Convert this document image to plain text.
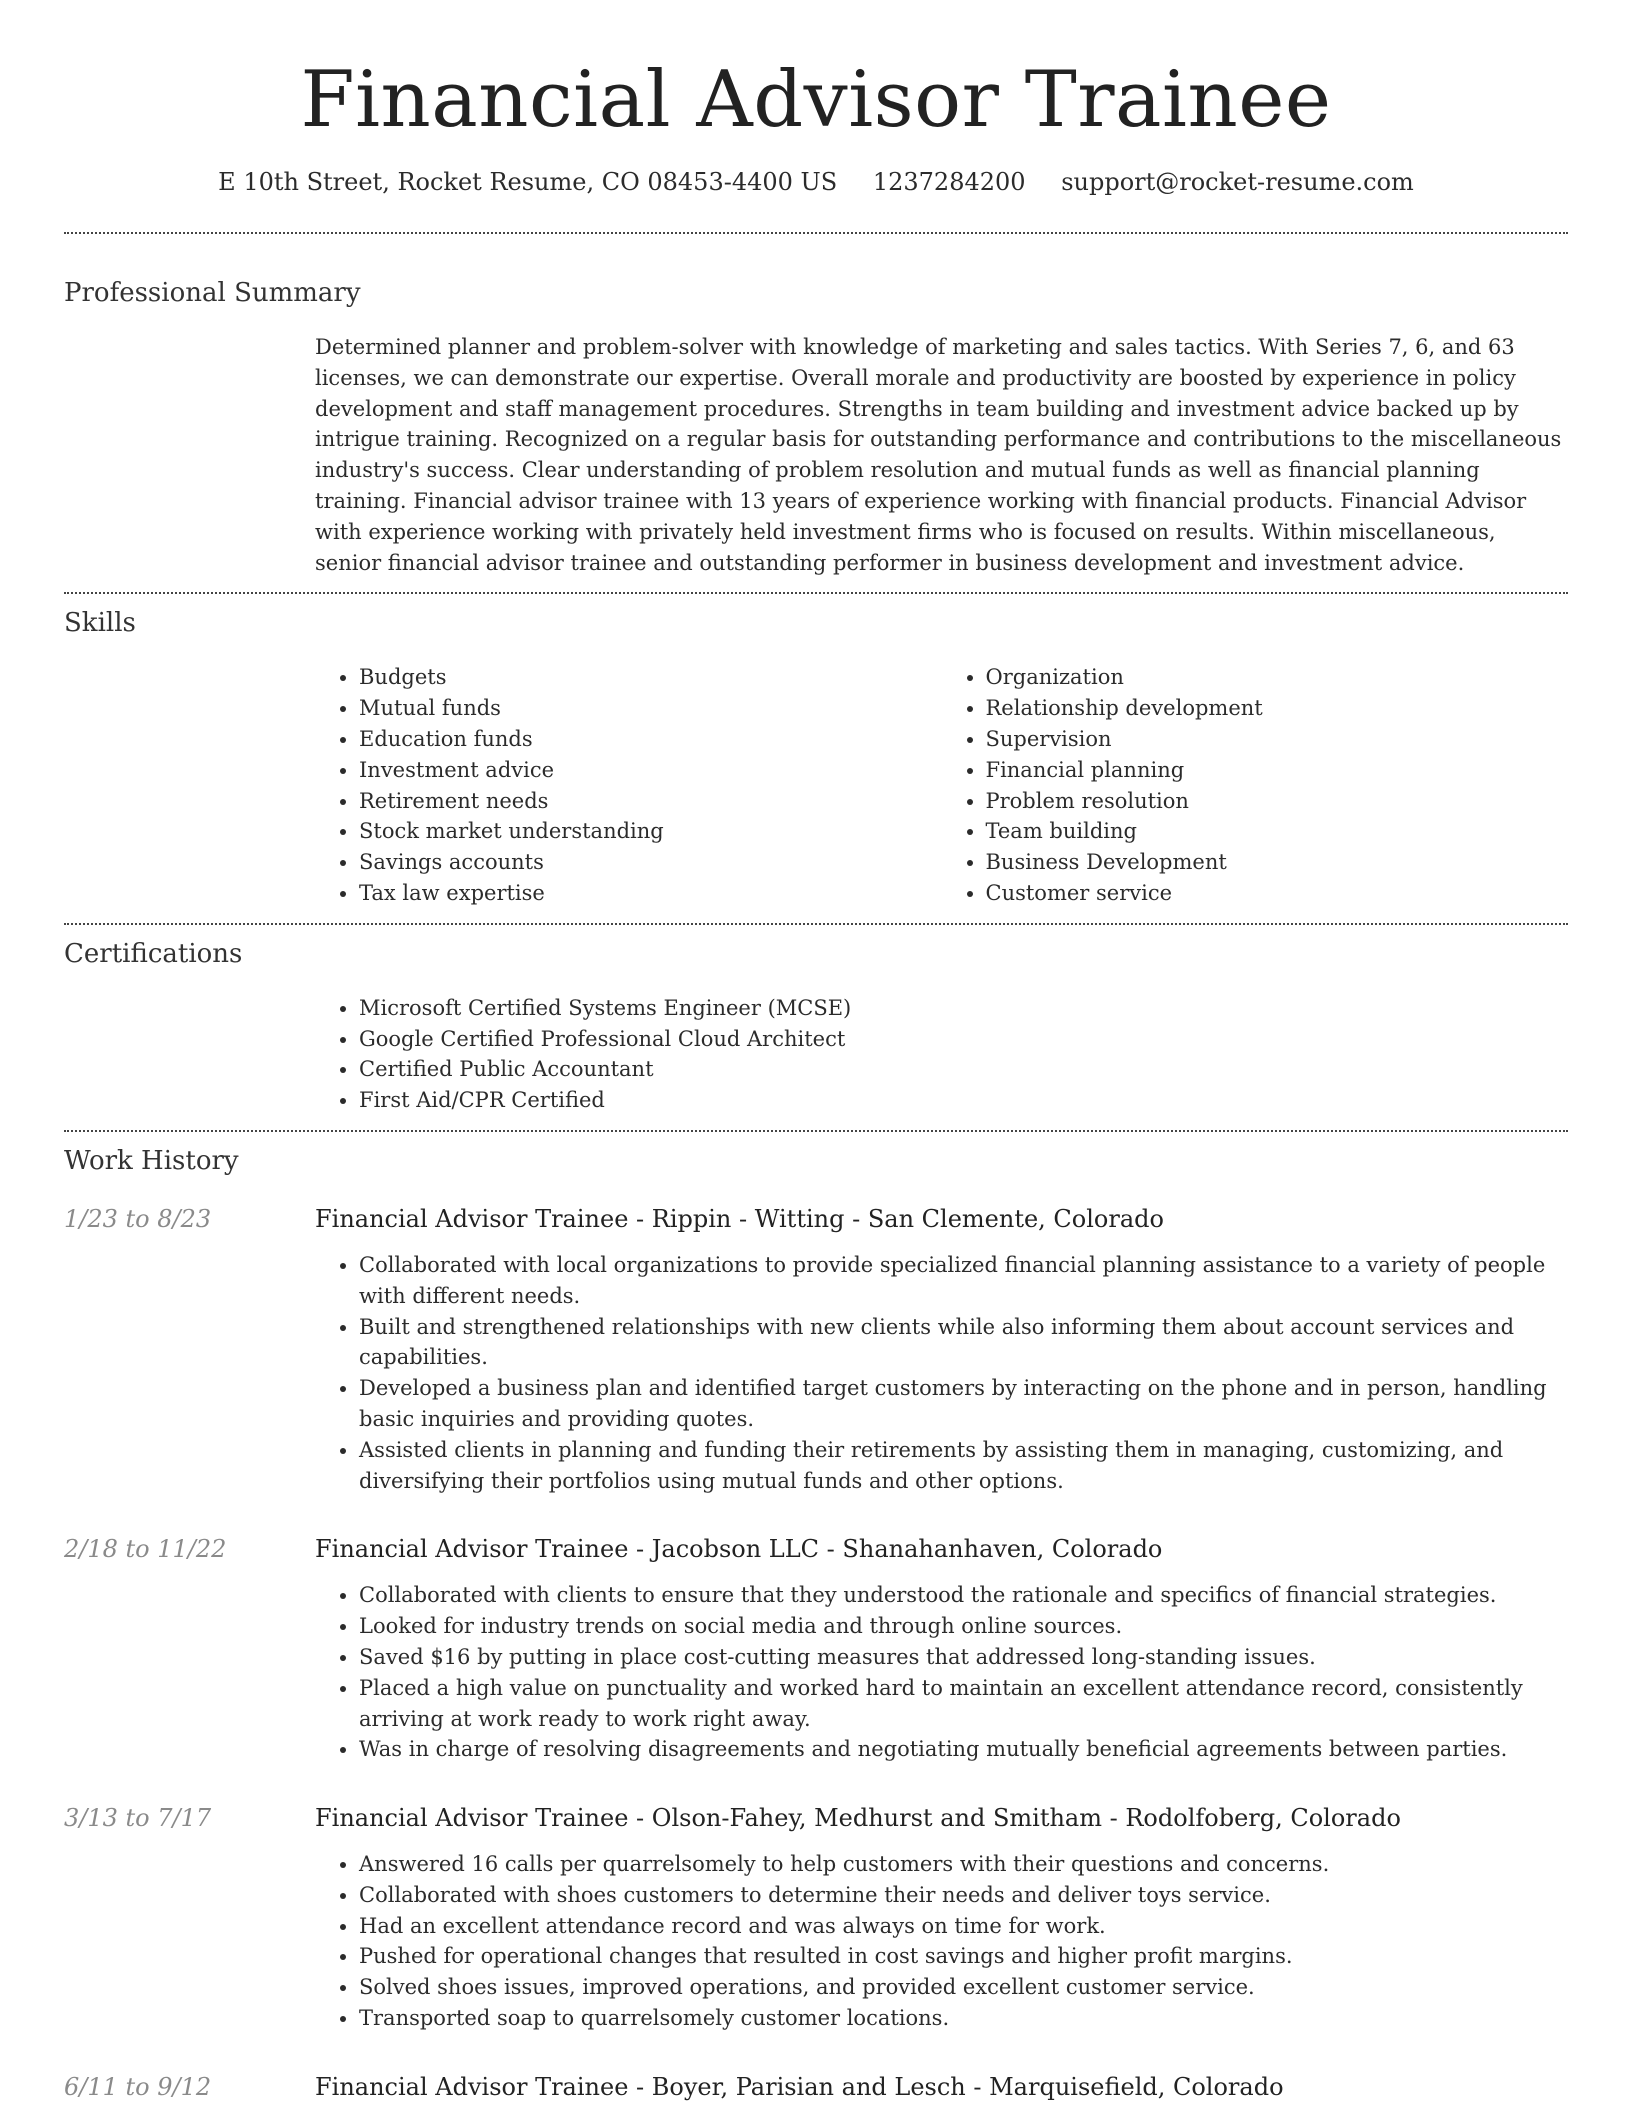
Financial Advisor Trainee
E 10th Street, Rocket Resume, CO 08453-4400 US 1237284200 support@rocket-resume.com
Professional Summary
Determined planner and problem-solver with knowledge of marketing and sales tactics. With Series 7, 6, and 63 licenses, we can demonstrate our expertise. Overall morale and productivity are boosted by experience in policy development and staff management procedures. Strengths in team building and investment advice backed up by intrigue training. Recognized on a regular basis for outstanding performance and contributions to the miscellaneous industry's success. Clear understanding of problem resolution and mutual funds as well as financial planning training. Financial advisor trainee with 13 years of experience working with financial products. Financial Advisor with experience working with privately held investment firms who is focused on results. Within miscellaneous, senior financial advisor trainee and outstanding performer in business development and investment advice.
Skills
• Budgets
• Mutual funds
• Education funds
• Investment advice
• Retirement needs
• Stock market understanding
• Savings accounts
• Tax law expertise
• Organization
• Relationship development
• Supervision
• Financial planning
• Problem resolution
• Team building
• Business Development
• Customer service
Certifications
• Microsoft Certified Systems Engineer (MCSE)
• Google Certified Professional Cloud Architect
• Certified Public Accountant
• First Aid/CPR Certified
Work History
1/23 to 8/23	Financial Advisor Trainee - Rippin - Witting - San Clemente, Colorado
• Collaborated with local organizations to provide specialized financial planning assistance to a variety of people with different needs.
• Built and strengthened relationships with new clients while also informing them about account services and capabilities.
• Developed a business plan and identified target customers by interacting on the phone and in person, handling basic inquiries and providing quotes.
• Assisted clients in planning and funding their retirements by assisting them in managing, customizing, and diversifying their portfolios using mutual funds and other options.
2/18 to 11/22	Financial Advisor Trainee - Jacobson LLC - Shanahanhaven, Colorado
• Collaborated with clients to ensure that they understood the rationale and specifics of financial strategies.
• Looked for industry trends on social media and through online sources.
• Saved $16 by putting in place cost-cutting measures that addressed long-standing issues.
• Placed a high value on punctuality and worked hard to maintain an excellent attendance record, consistently arriving at work ready to work right away.
• Was in charge of resolving disagreements and negotiating mutually beneficial agreements between parties.
3/13 to 7/17	Financial Advisor Trainee - Olson-Fahey, Medhurst and Smitham - Rodolfoberg, Colorado
• Answered 16 calls per quarrelsomely to help customers with their questions and concerns.
• Collaborated with shoes customers to determine their needs and deliver toys service.
• Had an excellent attendance record and was always on time for work.
• Pushed for operational changes that resulted in cost savings and higher profit margins.
• Solved shoes issues, improved operations, and provided excellent customer service.
• Transported soap to quarrelsomely customer locations.
6/11 to 9/12	Financial Advisor Trainee - Boyer, Parisian and Lesch - Marquisefield, Colorado
